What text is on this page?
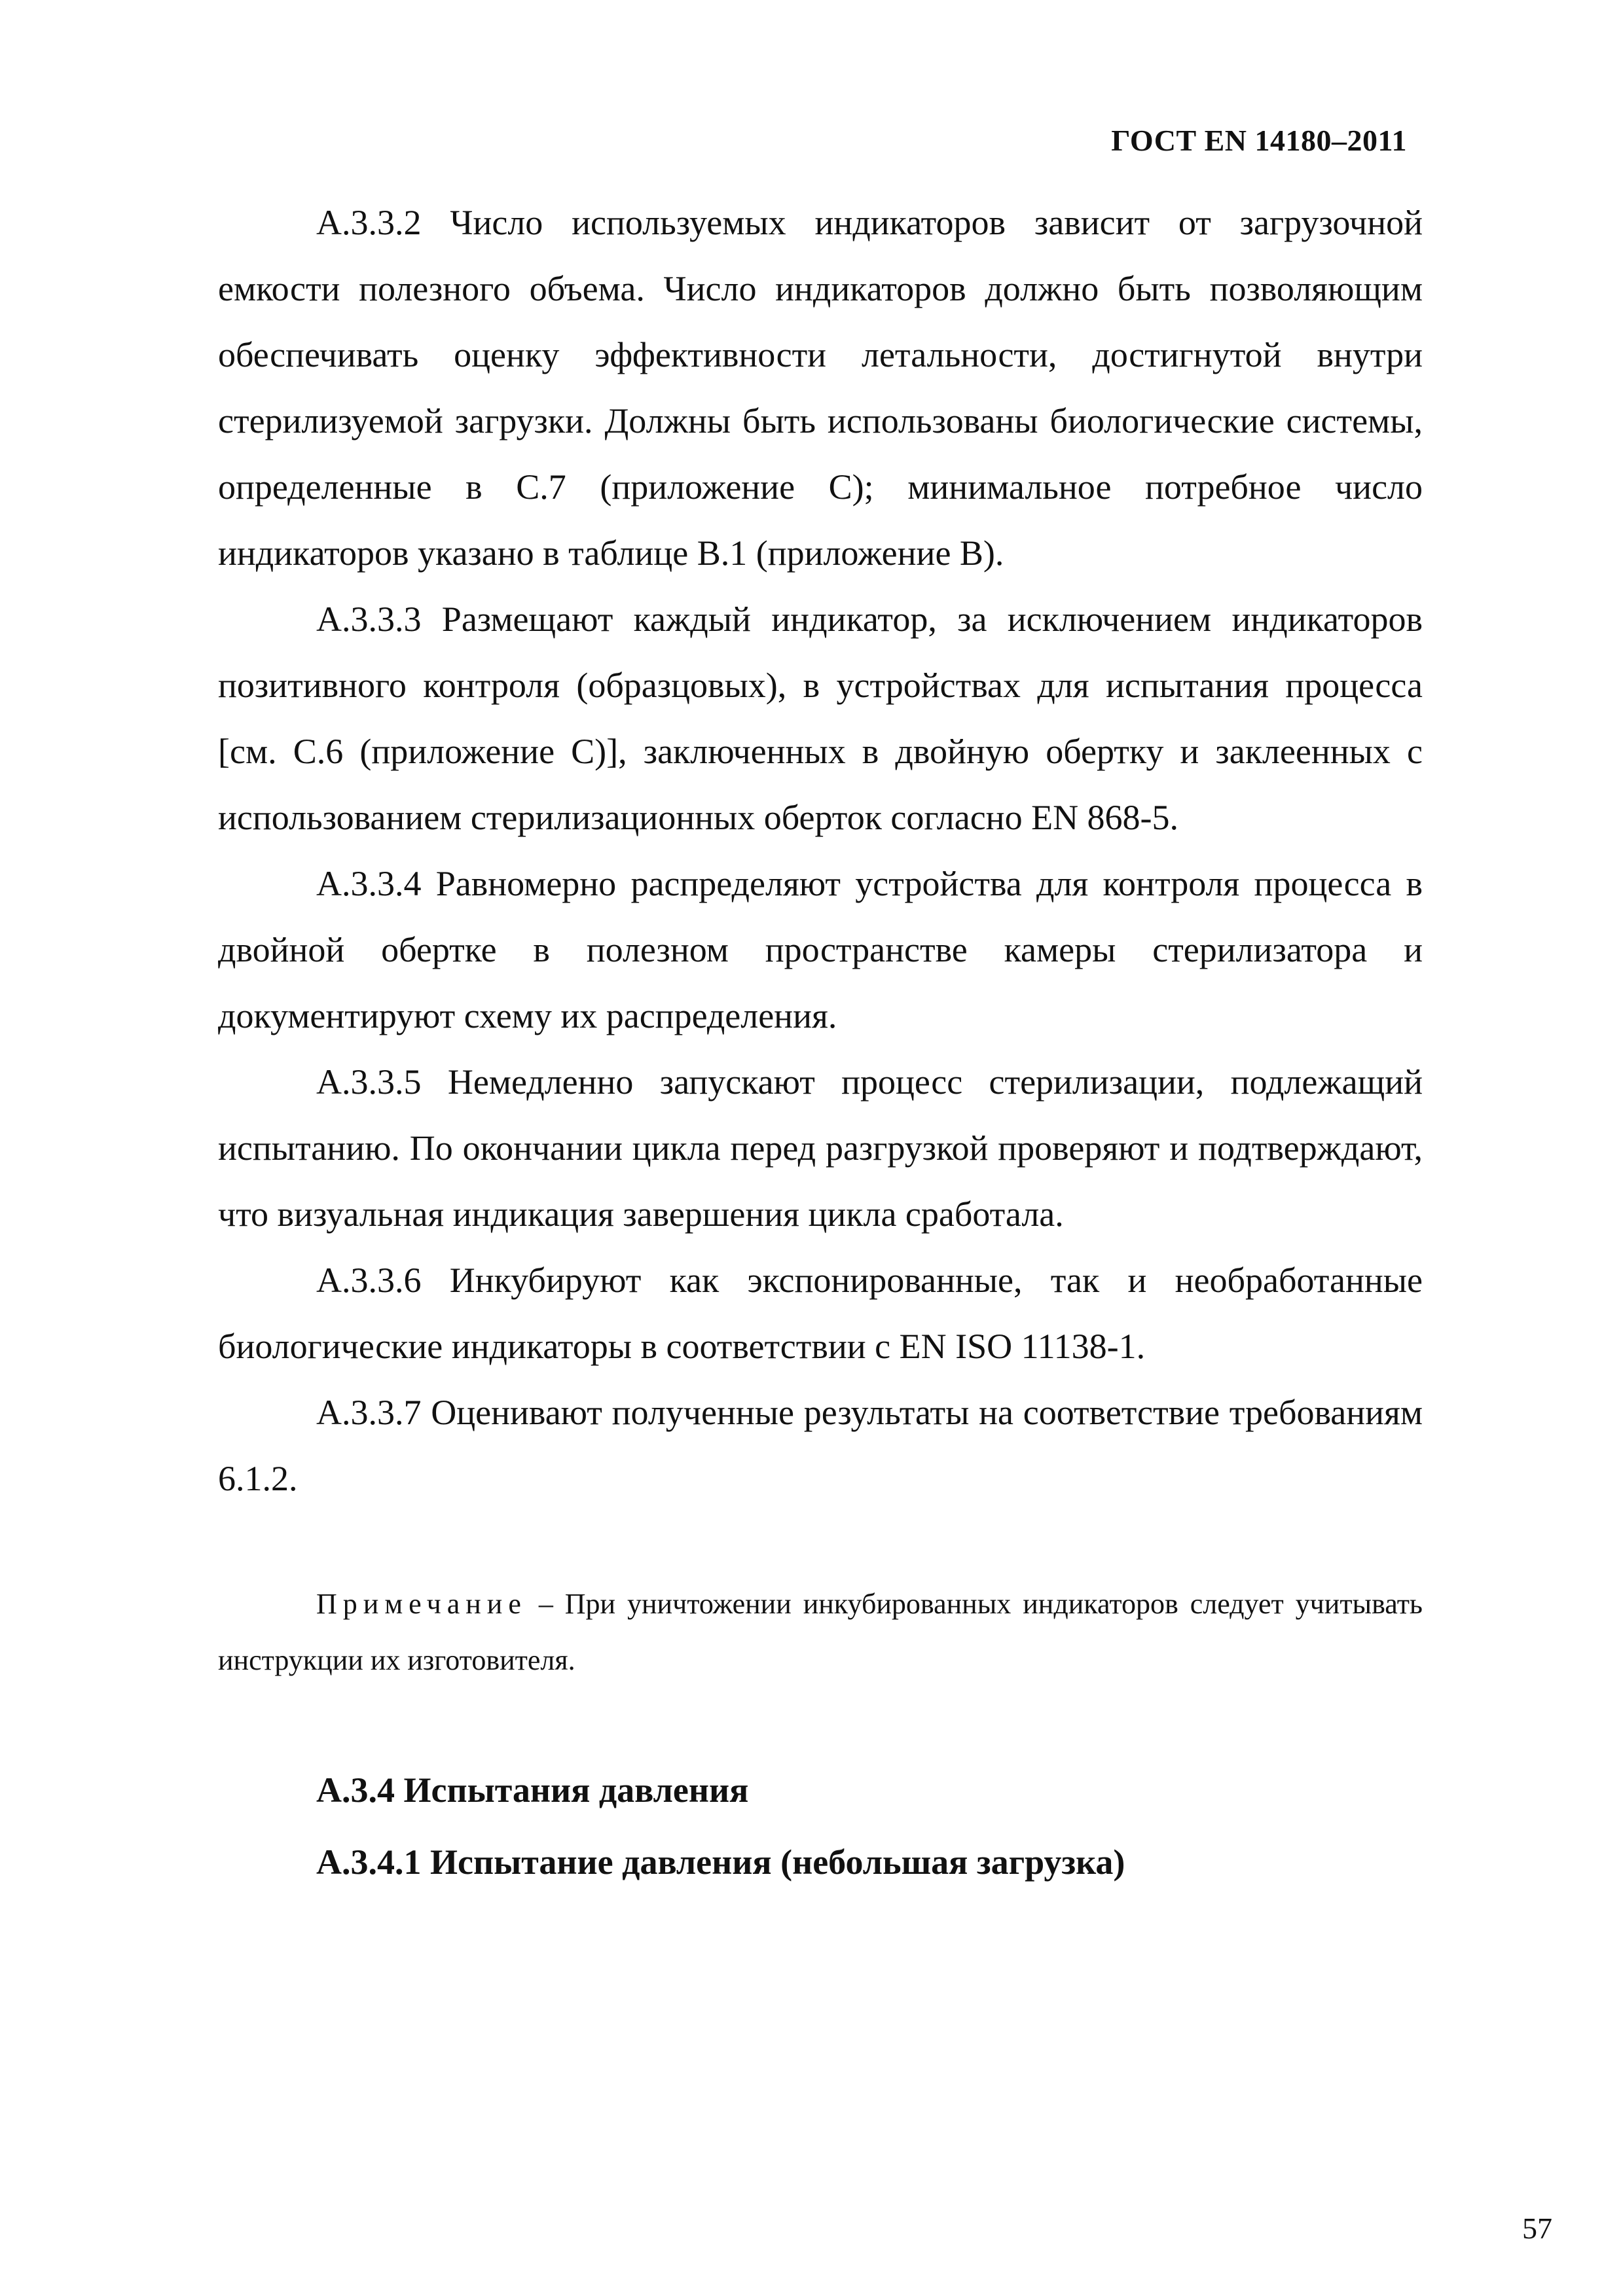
ГОСТ EN 14180–2011

А.3.3.2 Число используемых индикаторов зависит от загрузочной емкости полезного объема. Число индикаторов должно быть позволяющим обеспечивать оценку эффективности летальности, достигнутой внутри стерилизуемой загрузки. Должны быть использованы биологические системы, определенные в С.7 (приложение С); минимальное потребное число индикаторов указано в таблице В.1 (приложение В).

А.3.3.3 Размещают каждый индикатор, за исключением индикаторов позитивного контроля (образцовых), в устройствах для испытания процесса [см. С.6 (приложение С)], заключенных в двойную обертку и заклеенных с использованием стерилизационных оберток согласно EN 868-5.

А.3.3.4 Равномерно распределяют устройства для контроля процесса в двойной обертке в полезном пространстве камеры стерилизатора и документируют схему их распределения.

А.3.3.5 Немедленно запускают процесс стерилизации, подлежащий испытанию. По окончании цикла перед разгрузкой проверяют и подтверждают, что визуальная индикация завершения цикла сработала.

А.3.3.6 Инкубируют как экспонированные, так и необработанные биологические индикаторы в соответствии с EN ISO 11138-1.

А.3.3.7 Оценивают полученные результаты на соответствие требованиям 6.1.2.

Примечание – При уничтожении инкубированных индикаторов следует учитывать инструкции их изготовителя.

А.3.4 Испытания давления

А.3.4.1 Испытание давления (небольшая загрузка)

57
